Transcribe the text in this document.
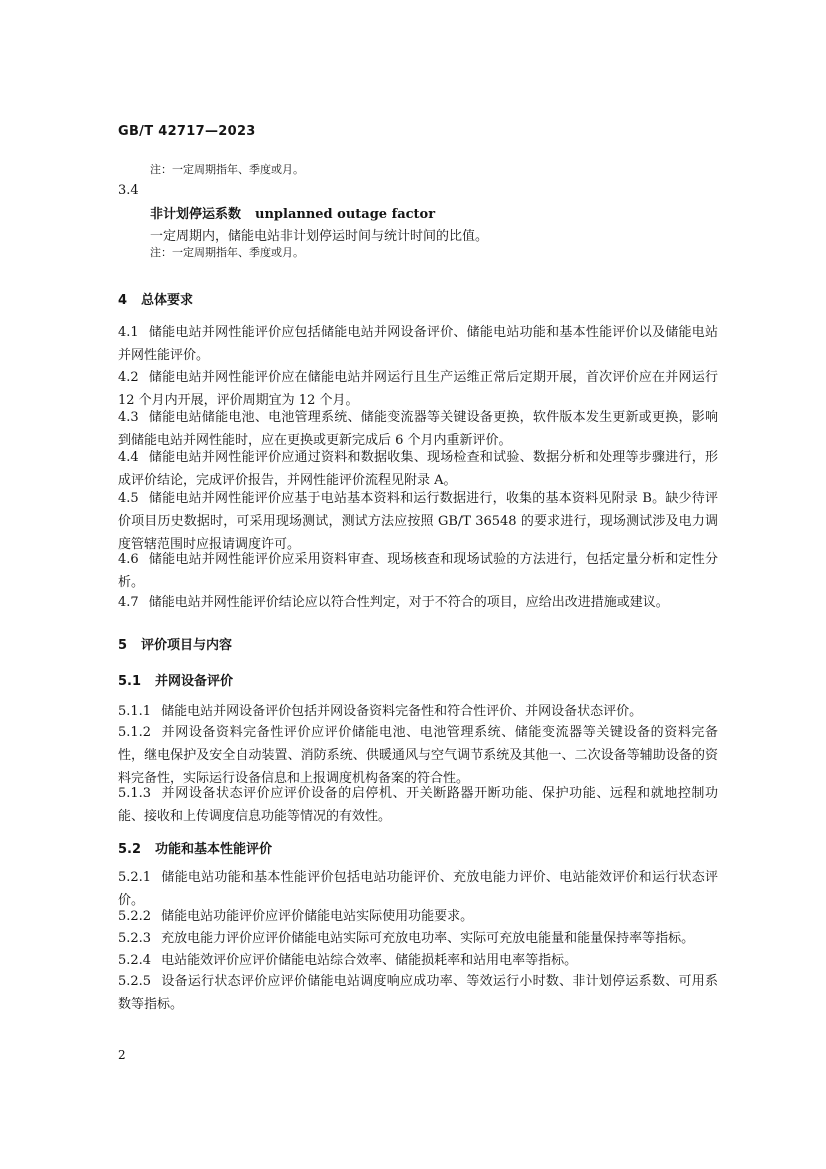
GB/T 42717—2023
注：一定周期指年、季度或月。
3.4
非计划停运系数 unplanned outage factor
一定周期内，储能电站非计划停运时间与统计时间的比值。
注：一定周期指年、季度或月。
4 总体要求
4.1 储能电站并网性能评价应包括储能电站并网设备评价、储能电站功能和基本性能评价以及储能电站并网性能评价。
4.2 储能电站并网性能评价应在储能电站并网运行且生产运维正常后定期开展，首次评价应在并网运行 12 个月内开展，评价周期宜为 12 个月。
4.3 储能电站储能电池、电池管理系统、储能变流器等关键设备更换，软件版本发生更新或更换，影响到储能电站并网性能时，应在更换或更新完成后 6 个月内重新评价。
4.4 储能电站并网性能评价应通过资料和数据收集、现场检查和试验、数据分析和处理等步骤进行，形成评价结论，完成评价报告，并网性能评价流程见附录 A。
4.5 储能电站并网性能评价应基于电站基本资料和运行数据进行，收集的基本资料见附录 B。缺少待评价项目历史数据时，可采用现场测试，测试方法应按照 GB/T 36548 的要求进行，现场测试涉及电力调度管辖范围时应报请调度许可。
4.6 储能电站并网性能评价应采用资料审查、现场核查和现场试验的方法进行，包括定量分析和定性分析。
4.7 储能电站并网性能评价结论应以符合性判定，对于不符合的项目，应给出改进措施或建议。
5 评价项目与内容
5.1 并网设备评价
5.1.1 储能电站并网设备评价包括并网设备资料完备性和符合性评价、并网设备状态评价。
5.1.2 并网设备资料完备性评价应评价储能电池、电池管理系统、储能变流器等关键设备的资料完备性，继电保护及安全自动装置、消防系统、供暖通风与空气调节系统及其他一、二次设备等辅助设备的资料完备性，实际运行设备信息和上报调度机构备案的符合性。
5.1.3 并网设备状态评价应评价设备的启停机、开关断路器开断功能、保护功能、远程和就地控制功能、接收和上传调度信息功能等情况的有效性。
5.2 功能和基本性能评价
5.2.1 储能电站功能和基本性能评价包括电站功能评价、充放电能力评价、电站能效评价和运行状态评价。
5.2.2 储能电站功能评价应评价储能电站实际使用功能要求。
5.2.3 充放电能力评价应评价储能电站实际可充放电功率、实际可充放电能量和能量保持率等指标。
5.2.4 电站能效评价应评价储能电站综合效率、储能损耗率和站用电率等指标。
5.2.5 设备运行状态评价应评价储能电站调度响应成功率、等效运行小时数、非计划停运系数、可用系数等指标。
2
